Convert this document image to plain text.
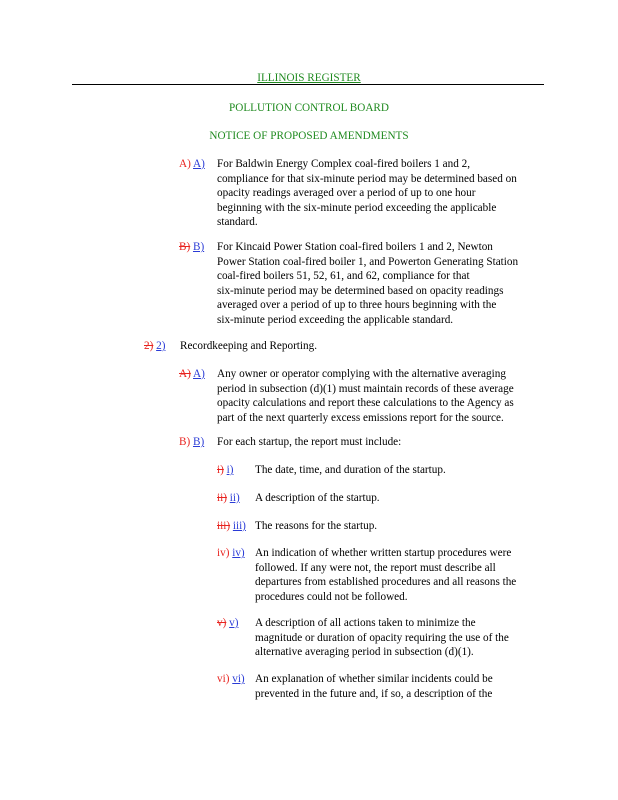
ILLINOIS REGISTER
POLLUTION CONTROL BOARD
NOTICE OF PROPOSED AMENDMENTS
A) A) For Baldwin Energy Complex coal-fired boilers 1 and 2,
compliance for that six-minute period may be determined based on
opacity readings averaged over a period of up to one hour
beginning with the six-minute period exceeding the applicable
standard.
B) B) For Kincaid Power Station coal-fired boilers 1 and 2, Newton
Power Station coal-fired boiler 1, and Powerton Generating Station
coal-fired boilers 51, 52, 61, and 62, compliance for that
six-minute period may be determined based on opacity readings
averaged over a period of up to three hours beginning with the
six-minute period exceeding the applicable standard.
2) 2) Recordkeeping and Reporting.
A) A) Any owner or operator complying with the alternative averaging
period in subsection (d)(1) must maintain records of these average
opacity calculations and report these calculations to the Agency as
part of the next quarterly excess emissions report for the source.
B) B) For each startup, the report must include:
i) i) The date, time, and duration of the startup.
ii) ii) A description of the startup.
iii) iii) The reasons for the startup.
iv) iv) An indication of whether written startup procedures were
followed. If any were not, the report must describe all
departures from established procedures and all reasons the
procedures could not be followed.
v) v) A description of all actions taken to minimize the
magnitude or duration of opacity requiring the use of the
alternative averaging period in subsection (d)(1).
vi) vi) An explanation of whether similar incidents could be
prevented in the future and, if so, a description of the
